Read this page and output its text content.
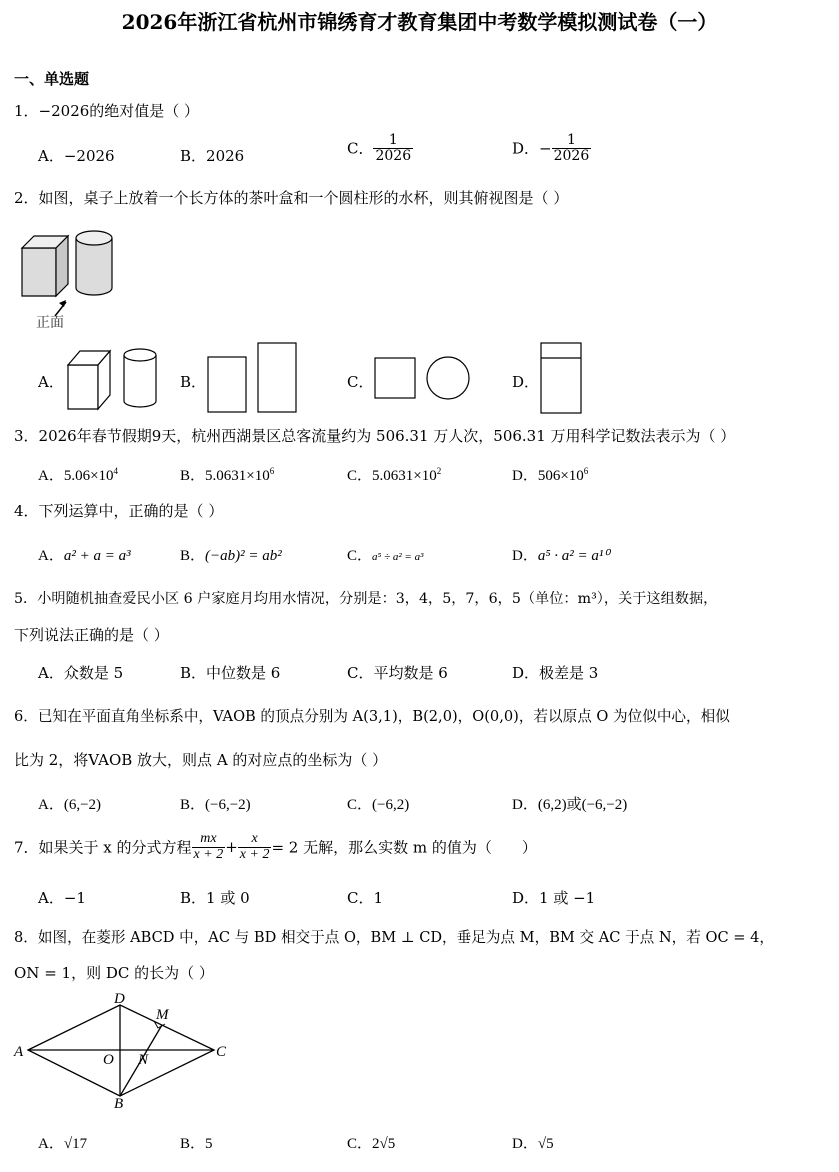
2026年浙江省杭州市锦绣育才教育集团中考数学模拟测试卷（一）
一、单选题
1．−2026的绝对值是（ ）
A．−2026	B．2026	C． $\frac{1}{2026}$	D．− $\frac{1}{2026}$
2．如图，桌子上放着一个长方体的茶叶盒和一个圆柱形的水杯，则其俯视图是（ ）
正面
A．	B．	C．	D．
3．2026年春节假期9天，杭州西湖景区总客流量约为 506.31 万人次，506.31 万用科学记数法表示为（ ）
A．$5.06\times 10^4$	B．$5.0631\times 10^6$	C．$5.0631\times 10^2$	D．$506\times 10^6$
4．下列运算中，正确的是（ ）
A．a² + a = a³	B．(−ab)² = ab²	C．a⁵ ÷ a² = a³	D．a⁵ · a² = a¹⁰
5．小明随机抽查爱民小区 6 户家庭月均用水情况，分别是：3，4，5，7，6，5（单位：m³），关于这组数据，
下列说法正确的是（ ）
A．众数是 5	B．中位数是 6	C．平均数是 6	D．极差是 3
6．已知在平面直角坐标系中，VAOB 的顶点分别为 A(3,1)，B(2,0)，O(0,0)，若以原点 O 为位似中心，相似
比为 2，将VAOB 放大，则点 A 的对应点的坐标为（ ）
A．(6,−2)	B．(−6,−2)	C．(−6,2)	D．(6,2)或(−6,−2)
7．如果关于 x 的分式方程 $\frac{mx}{x + 2} + \frac{x}{x + 2} = 2$ 无解，那么实数 m 的值为（　　）
A．−1	B．1 或 0	C．1	D．1 或 −1
8．如图，在菱形 ABCD 中，AC 与 BD 相交于点 O，BM ⊥ CD，垂足为点 M，BM 交 AC 于点 N，若 OC = 4，
ON = 1，则 DC 的长为（ ）
A
D
C
B
M
O N
A．√17	B．5	C．2√5	D．√5
